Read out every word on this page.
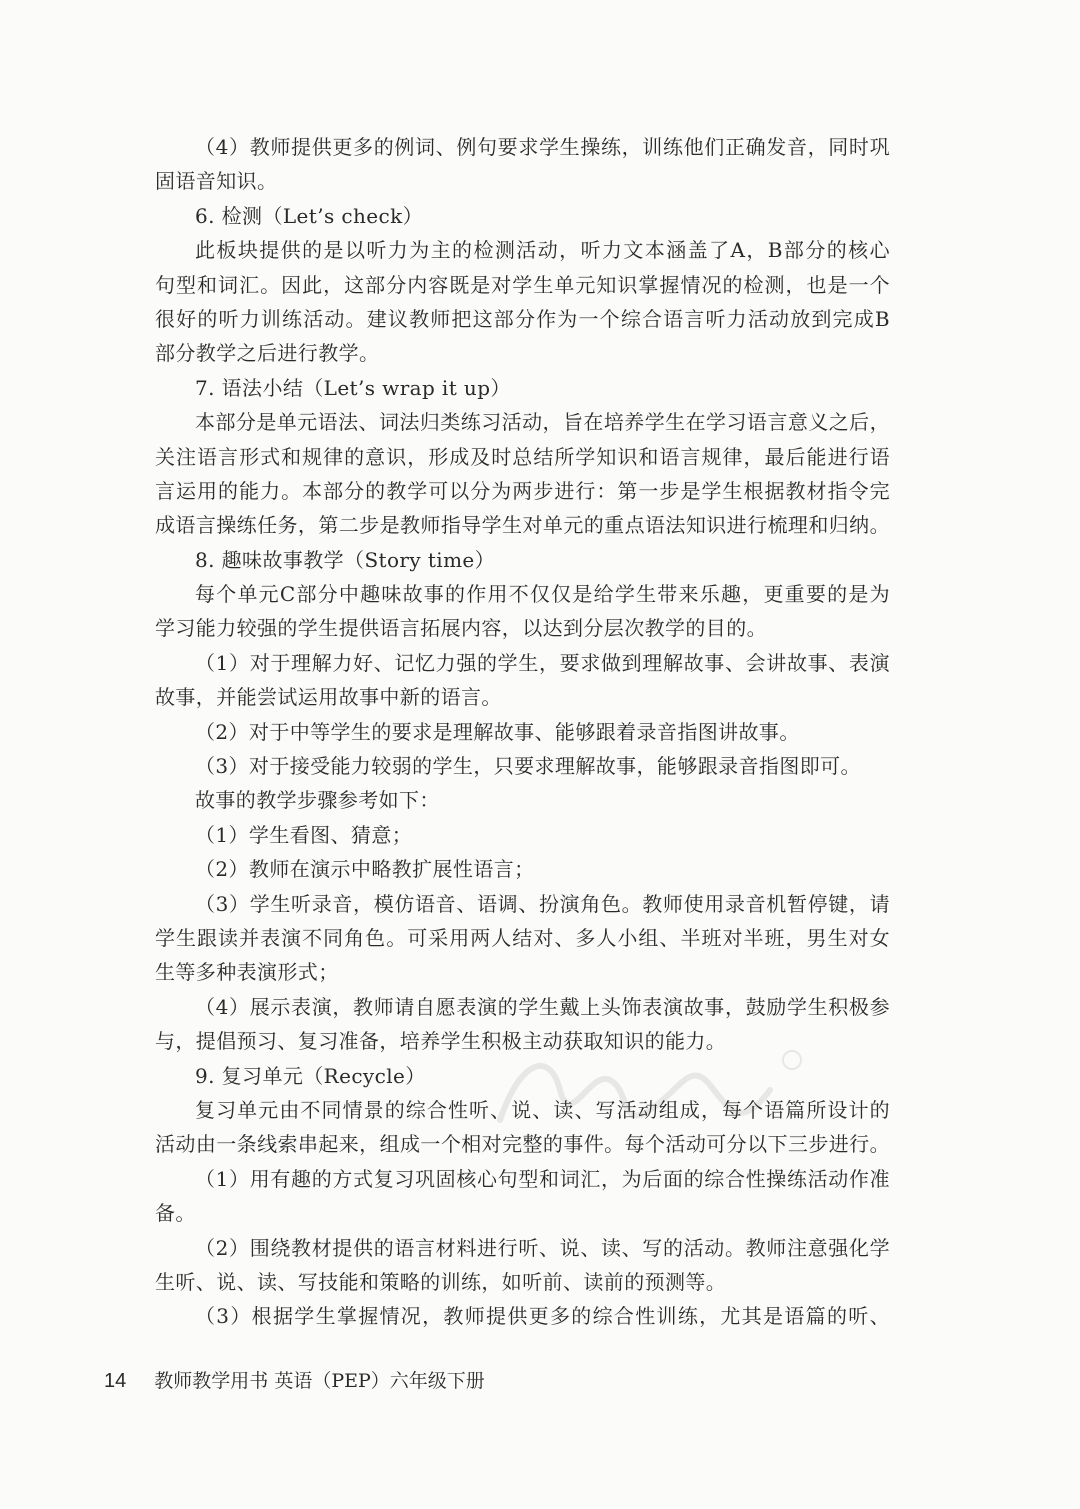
（4）教师提供更多的例词、例句要求学生操练，训练他们正确发音，同时巩
固语音知识。
6. 检测（Let’s check）
此板块提供的是以听力为主的检测活动，听力文本涵盖了A，B部分的核心
句型和词汇。因此，这部分内容既是对学生单元知识掌握情况的检测，也是一个
很好的听力训练活动。建议教师把这部分作为一个综合语言听力活动放到完成B
部分教学之后进行教学。
7. 语法小结（Let’s wrap it up）
本部分是单元语法、词法归类练习活动，旨在培养学生在学习语言意义之后，
关注语言形式和规律的意识，形成及时总结所学知识和语言规律，最后能进行语
言运用的能力。本部分的教学可以分为两步进行：第一步是学生根据教材指令完
成语言操练任务，第二步是教师指导学生对单元的重点语法知识进行梳理和归纳。
8. 趣味故事教学（Story time）
每个单元C部分中趣味故事的作用不仅仅是给学生带来乐趣，更重要的是为
学习能力较强的学生提供语言拓展内容，以达到分层次教学的目的。
（1）对于理解力好、记忆力强的学生，要求做到理解故事、会讲故事、表演
故事，并能尝试运用故事中新的语言。
（2）对于中等学生的要求是理解故事、能够跟着录音指图讲故事。
（3）对于接受能力较弱的学生，只要求理解故事，能够跟录音指图即可。
故事的教学步骤参考如下：
（1）学生看图、猜意；
（2）教师在演示中略教扩展性语言；
（3）学生听录音，模仿语音、语调、扮演角色。教师使用录音机暂停键，请
学生跟读并表演不同角色。可采用两人结对、多人小组、半班对半班，男生对女
生等多种表演形式；
（4）展示表演，教师请自愿表演的学生戴上头饰表演故事，鼓励学生积极参
与，提倡预习、复习准备，培养学生积极主动获取知识的能力。
9. 复习单元（Recycle）
复习单元由不同情景的综合性听、说、读、写活动组成，每个语篇所设计的
活动由一条线索串起来，组成一个相对完整的事件。每个活动可分以下三步进行。
（1）用有趣的方式复习巩固核心句型和词汇，为后面的综合性操练活动作准
备。
（2）围绕教材提供的语言材料进行听、说、读、写的活动。教师注意强化学
生听、说、读、写技能和策略的训练，如听前、读前的预测等。
（3）根据学生掌握情况，教师提供更多的综合性训练，尤其是语篇的听、
14 教师教学用书 英语（PEP）六年级下册
